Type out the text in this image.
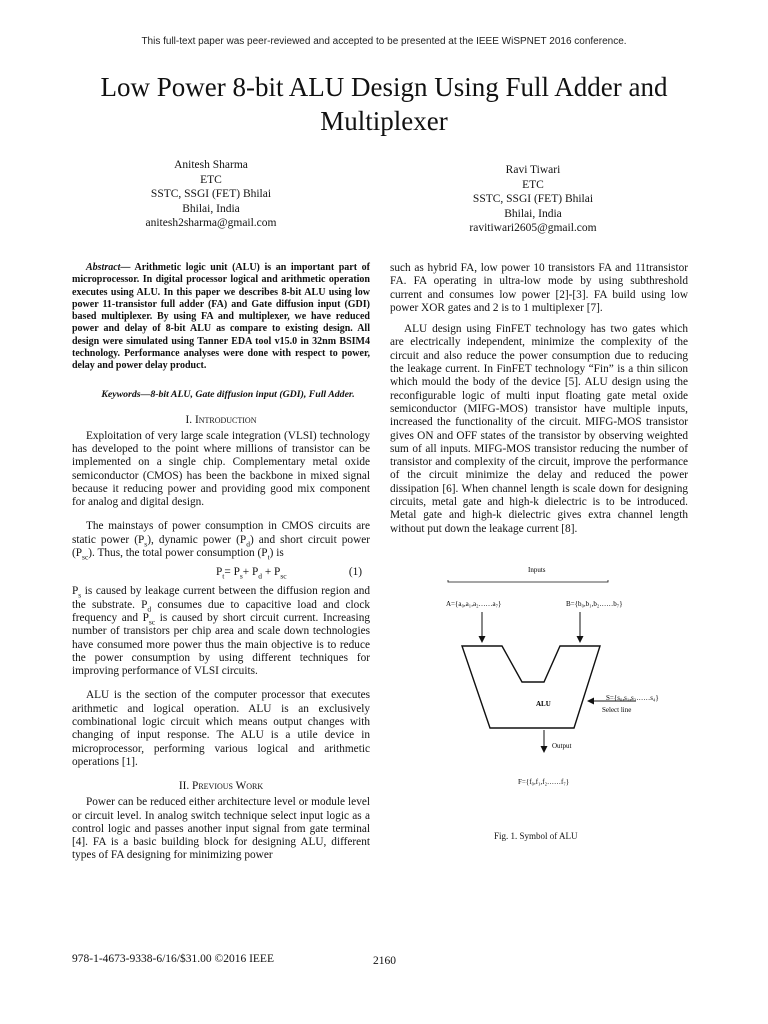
This full-text paper was peer-reviewed and accepted to be presented at the IEEE WiSPNET 2016 conference.
Low Power 8-bit ALU Design Using Full Adder and
Multiplexer
Anitesh Sharma
ETC
SSTC, SSGI (FET) Bhilai
Bhilai, India
anitesh2sharma@gmail.com
Ravi Tiwari
ETC
SSTC, SSGI (FET) Bhilai
Bhilai, India
ravitiwari2605@gmail.com

Abstract— Arithmetic logic unit (ALU) is an important part of microprocessor. In digital processor logical and arithmetic operation executes using ALU. In this paper we describes 8-bit ALU using low power 11-transistor full adder (FA) and Gate diffusion input (GDI) based multiplexer. By using FA and multiplexer, we have reduced power and delay of 8-bit ALU as compare to existing design. All design were simulated using Tanner EDA tool v15.0 in 32nm BSIM4 technology. Performance analyses were done with respect to power, delay and power delay product.

Keywords—8-bit ALU, Gate diffusion input (GDI), Full Adder.

I. Introduction

Exploitation of very large scale integration (VLSI) technology has developed to the point where millions of transistor can be implemented on a single chip. Complementary metal oxide semiconductor (CMOS) has been the backbone in mixed signal because it reducing power and providing good mix component for analog and digital design.

The mainstays of power consumption in CMOS circuits are static power $(P_s)$, dynamic power $(P_d)$ and short circuit power $(P_{sc})$. Thus, the total power consumption $(P_t)$ is

$P_t= P_s+ P_d + P_{sc}$	(1)

$P_s$ is caused by leakage current between the diffusion region and the substrate. $P_d$ consumes due to capacitive load and clock frequency and $P_{sc}$ is caused by short circuit current. Increasing number of transistors per chip area and scale down technologies have consumed more power thus the main objective is to reduce the power consumption by using different techniques for improving performance of VLSI circuits.

ALU is the section of the computer processor that executes arithmetic and logical operation. ALU is an exclusively combinational logic circuit which means output changes with changing of input response. The ALU is a utile device in microprocessor, performing various logical and arithmetic operations [1].

II. Previous Work

Power can be reduced either architecture level or module level or circuit level. In analog switch technique select input logic as a control logic and passes another input signal from gate terminal [4]. FA is a basic building block for designing ALU, different types of FA designing for minimizing power

such as hybrid FA, low power 10 transistors FA and 11transistor FA. FA operating in ultra-low mode by using subthreshold current and consumes low power [2]-[3]. FA build using low power XOR gates and 2 is to 1 multiplexer [7].

ALU design using FinFET technology has two gates which are electrically independent, minimize the complexity of the circuit and also reduce the power consumption due to reducing the leakage current. In FinFET technology “Fin” is a thin silicon which mould the body of the device [5]. ALU design using the reconfigurable logic of multi input floating gate metal oxide semiconductor (MIFG-MOS) transistor have multiple inputs, increased the functionality of the circuit. MIFG-MOS transistor gives ON and OFF states of the transistor by observing weighted sum of all inputs. MIFG-MOS transistor reducing the number of transistor and complexity of the circuit, improve the performance of the circuit minimize the delay and reduced the power dissipation [6]. When channel length is scale down for designing circuits, metal gate and high-k dielectric is to be introduced. Metal gate and high-k dielectric gives extra channel length without put down the leakage current [8].

Inputs
A={a₀,a₁,a₂……a₇}	B={b₀,b₁,b₂……b₇}
ALU
S={s₀,s₁,s₂……s₄}
Select line
Output
F={f₀,f₁,f₂……f₇}
Fig. 1. Symbol of ALU
978-1-4673-9338-6/16/$31.00 ©2016 IEEE	2160
